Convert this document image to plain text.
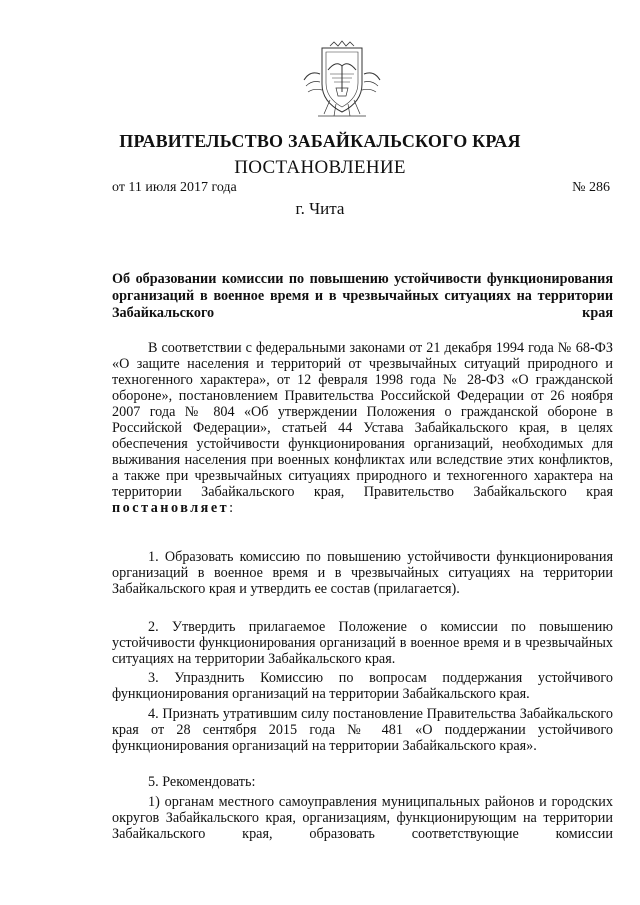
ПРАВИТЕЛЬСТВО ЗАБАЙКАЛЬСКОГО КРАЯ
ПОСТАНОВЛЕНИЕ
от 11 июля 2017 года	№ 286
г. Чита

Об образовании комиссии по повышению устойчивости функционирования организаций в военное время и в чрезвычайных ситуациях на территории Забайкальского края

В соответствии с федеральными законами от 21 декабря 1994 года № 68-ФЗ «О защите населения и территорий от чрезвычайных ситуаций природного и техногенного характера», от 12 февраля 1998 года № 28-ФЗ «О гражданской обороне», постановлением Правительства Российской Федерации от 26 ноября 2007 года № 804 «Об утверждении Положения о гражданской обороне в Российской Федерации», статьей 44 Устава Забайкальского края, в целях обеспечения устойчивости функционирования организаций, необходимых для выживания населения при военных конфликтах или вследствие этих конфликтов, а также при чрезвычайных ситуациях природного и техногенного характера на территории Забайкальского края, Правительство Забайкальского края постановляет:

1. Образовать комиссию по повышению устойчивости функционирования организаций в военное время и в чрезвычайных ситуациях на территории Забайкальского края и утвердить ее состав (прилагается).

2. Утвердить прилагаемое Положение о комиссии по повышению устойчивости функционирования организаций в военное время и в чрезвычайных ситуациях на территории Забайкальского края.

3. Упразднить Комиссию по вопросам поддержания устойчивого функционирования организаций на территории Забайкальского края.

4. Признать утратившим силу постановление Правительства Забайкальского края от 28 сентября 2015 года № 481 «О поддержании устойчивого функционирования организаций на территории Забайкальского края».

5. Рекомендовать:

1) органам местного самоуправления муниципальных районов и городских округов Забайкальского края, организациям, функционирующим на территории Забайкальского края, образовать соответствующие комиссии
